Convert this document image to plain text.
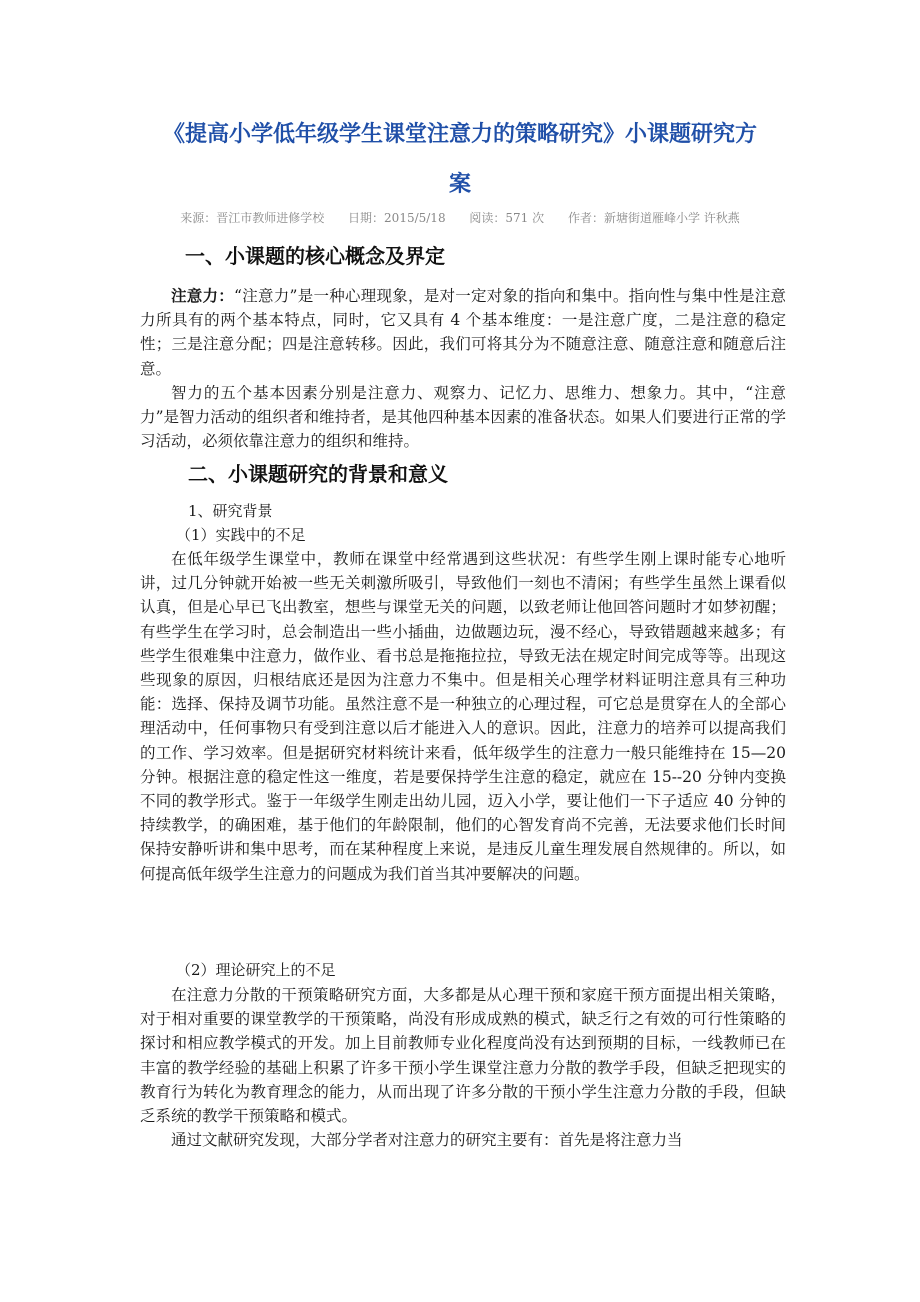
《提高小学低年级学生课堂注意力的策略研究》小课题研究方
案
来源：晋江市教师进修学校 日期：2015/5/18 阅读：571 次 作者：新塘街道雁峰小学 许秋燕
一、小课题的核心概念及界定

注意力：“注意力”是一种心理现象，是对一定对象的指向和集中。指向性与集中性是注意力所具有的两个基本特点，同时，它又具有 4 个基本维度：一是注意广度，二是注意的稳定性；三是注意分配；四是注意转移。因此，我们可将其分为不随意注意、随意注意和随意后注意。

智力的五个基本因素分别是注意力、观察力、记忆力、思维力、想象力。其中，“注意力”是智力活动的组织者和维持者，是其他四种基本因素的准备状态。如果人们要进行正常的学习活动，必须依靠注意力的组织和维持。

二、小课题研究的背景和意义
1、研究背景
（1）实践中的不足

在低年级学生课堂中，教师在课堂中经常遇到这些状况：有些学生刚上课时能专心地听讲，过几分钟就开始被一些无关刺激所吸引，导致他们一刻也不清闲；有些学生虽然上课看似认真，但是心早已飞出教室，想些与课堂无关的问题，以致老师让他回答问题时才如梦初醒；有些学生在学习时，总会制造出一些小插曲，边做题边玩，漫不经心，导致错题越来越多；有些学生很难集中注意力，做作业、看书总是拖拖拉拉，导致无法在规定时间完成等等。出现这些现象的原因，归根结底还是因为注意力不集中。但是相关心理学材料证明注意具有三种功能：选择、保持及调节功能。虽然注意不是一种独立的心理过程，可它总是贯穿在人的全部心理活动中，任何事物只有受到注意以后才能进入人的意识。因此，注意力的培养可以提高我们的工作、学习效率。但是据研究材料统计来看，低年级学生的注意力一般只能维持在 15—20　分钟。根据注意的稳定性这一维度，若是要保持学生注意的稳定，就应在 15--20 分钟内变换不同的教学形式。鉴于一年级学生刚走出幼儿园，迈入小学，要让他们一下子适应 40 分钟的持续教学，的确困难，基于他们的年龄限制，他们的心智发育尚不完善，无法要求他们长时间保持安静听讲和集中思考，而在某种程度上来说，是违反儿童生理发展自然规律的。所以，如何提高低年级学生注意力的问题成为我们首当其冲要解决的问题。

（2）理论研究上的不足

在注意力分散的干预策略研究方面，大多都是从心理干预和家庭干预方面提出相关策略，对于相对重要的课堂教学的干预策略，尚没有形成成熟的模式，缺乏行之有效的可行性策略的探讨和相应教学模式的开发。加上目前教师专业化程度尚没有达到预期的目标，一线教师已在丰富的教学经验的基础上积累了许多干预小学生课堂注意力分散的教学手段，但缺乏把现实的教育行为转化为教育理念的能力，从而出现了许多分散的干预小学生注意力分散的手段，但缺乏系统的教学干预策略和模式。

通过文献研究发现，大部分学者对注意力的研究主要有：首先是将注意力当
